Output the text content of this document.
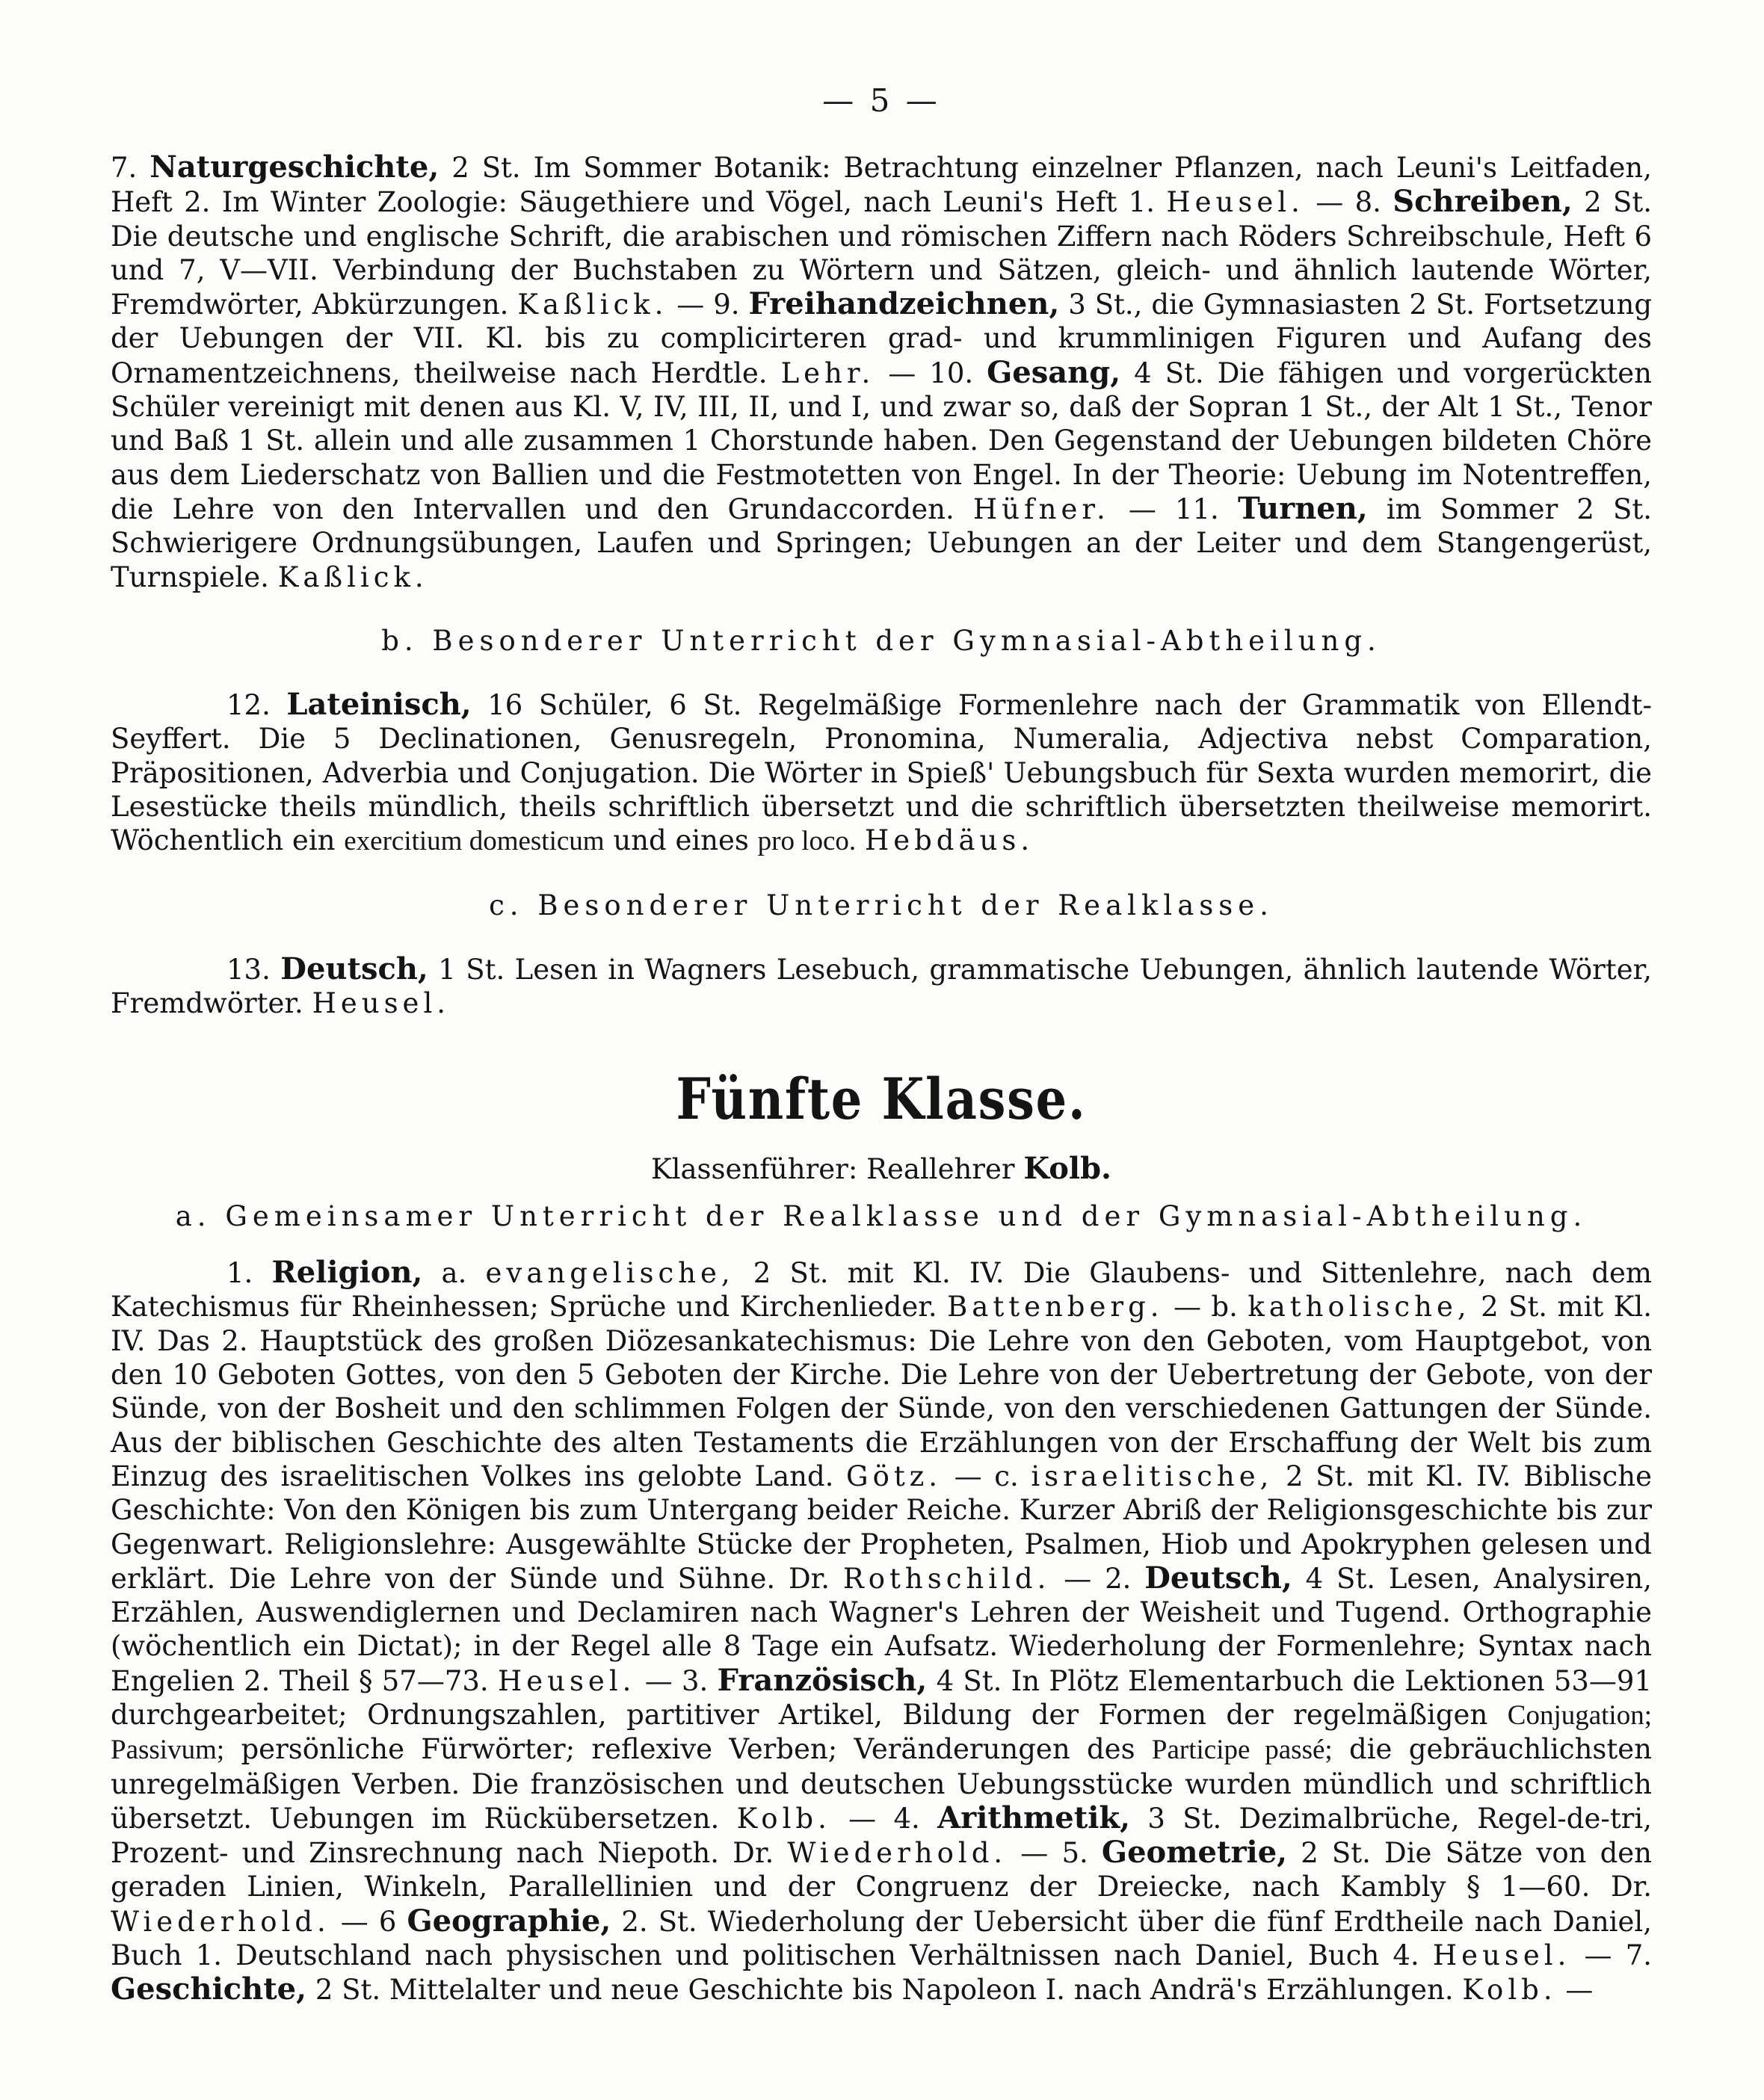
— 5 —

7. Naturgeschichte, 2 St. Im Sommer Botanik: Betrachtung einzelner Pflanzen, nach Leuni's Leitfaden, Heft 2. Im Winter Zoologie: Säugethiere und Vögel, nach Leuni's Heft 1. Heusel. — 8. Schreiben, 2 St. Die deutsche und englische Schrift, die arabischen und römischen Ziffern nach Röders Schreibschule, Heft 6 und 7, V—VII. Verbindung der Buchstaben zu Wörtern und Sätzen, gleich- und ähnlich lautende Wörter, Fremdwörter, Abkürzungen. Kaßlick. — 9. Freihandzeichnen, 3 St., die Gymnasiasten 2 St. Fortsetzung der Uebungen der VII. Kl. bis zu complicirteren grad- und krummlinigen Figuren und Aufang des Ornamentzeichnens, theilweise nach Herdtle. Lehr. — 10. Gesang, 4 St. Die fähigen und vorgerückten Schüler vereinigt mit denen aus Kl. V, IV, III, II, und I, und zwar so, daß der Sopran 1 St., der Alt 1 St., Tenor und Baß 1 St. allein und alle zusammen 1 Chorstunde haben. Den Gegenstand der Uebungen bildeten Chöre aus dem Liederschatz von Ballien und die Festmotetten von Engel. In der Theorie: Uebung im Notentreffen, die Lehre von den Intervallen und den Grundaccorden. Hüfner. — 11. Turnen, im Sommer 2 St. Schwierigere Ordnungsübungen, Laufen und Springen; Uebungen an der Leiter und dem Stangengerüst, Turnspiele. Kaßlick.

b. Besonderer Unterricht der Gymnasial-Abtheilung.

12. Lateinisch, 16 Schüler, 6 St. Regelmäßige Formenlehre nach der Grammatik von Ellendt-Seyffert. Die 5 Declinationen, Genusregeln, Pronomina, Numeralia, Adjectiva nebst Comparation, Präpositionen, Adverbia und Conjugation. Die Wörter in Spieß' Uebungsbuch für Sexta wurden memorirt, die Lesestücke theils mündlich, theils schriftlich übersetzt und die schriftlich übersetzten theilweise memorirt. Wöchentlich ein exercitium domesticum und eines pro loco. Hebdäus.

c. Besonderer Unterricht der Realklasse.

13. Deutsch, 1 St. Lesen in Wagners Lesebuch, grammatische Uebungen, ähnlich lautende Wörter, Fremdwörter. Heusel.

Fünfte Klasse.

Klassenführer: Reallehrer Kolb.

a. Gemeinsamer Unterricht der Realklasse und der Gymnasial-Abtheilung.

1. Religion, a. evangelische, 2 St. mit Kl. IV. Die Glaubens- und Sittenlehre, nach dem Katechismus für Rheinhessen; Sprüche und Kirchenlieder. Battenberg. — b. katholische, 2 St. mit Kl. IV. Das 2. Hauptstück des großen Diözesankatechismus: Die Lehre von den Geboten, vom Hauptgebot, von den 10 Geboten Gottes, von den 5 Geboten der Kirche. Die Lehre von der Uebertretung der Gebote, von der Sünde, von der Bosheit und den schlimmen Folgen der Sünde, von den verschiedenen Gattungen der Sünde. Aus der biblischen Geschichte des alten Testaments die Erzählungen von der Erschaffung der Welt bis zum Einzug des israelitischen Volkes ins gelobte Land. Götz. — c. israelitische, 2 St. mit Kl. IV. Biblische Geschichte: Von den Königen bis zum Untergang beider Reiche. Kurzer Abriß der Religionsgeschichte bis zur Gegenwart. Religionslehre: Ausgewählte Stücke der Propheten, Psalmen, Hiob und Apokryphen gelesen und erklärt. Die Lehre von der Sünde und Sühne. Dr. Rothschild. — 2. Deutsch, 4 St. Lesen, Analysiren, Erzählen, Auswendiglernen und Declamiren nach Wagner's Lehren der Weisheit und Tugend. Orthographie (wöchentlich ein Dictat); in der Regel alle 8 Tage ein Aufsatz. Wiederholung der Formenlehre; Syntax nach Engelien 2. Theil § 57—73. Heusel. — 3. Französisch, 4 St. In Plötz Elementarbuch die Lektionen 53—91 durchgearbeitet; Ordnungszahlen, partitiver Artikel, Bildung der Formen der regelmäßigen Conjugation; Passivum; persönliche Fürwörter; reflexive Verben; Veränderungen des Participe passé; die gebräuchlichsten unregelmäßigen Verben. Die französischen und deutschen Uebungsstücke wurden mündlich und schriftlich übersetzt. Uebungen im Rückübersetzen. Kolb. — 4. Arithmetik, 3 St. Dezimalbrüche, Regel-de-tri, Prozent- und Zinsrechnung nach Niepoth. Dr. Wiederhold. — 5. Geometrie, 2 St. Die Sätze von den geraden Linien, Winkeln, Parallellinien und der Congruenz der Dreiecke, nach Kambly § 1—60. Dr. Wiederhold. — 6 Geographie, 2. St. Wiederholung der Uebersicht über die fünf Erdtheile nach Daniel, Buch 1. Deutschland nach physischen und politischen Verhältnissen nach Daniel, Buch 4. Heusel. — 7. Geschichte, 2 St. Mittelalter und neue Geschichte bis Napoleon I. nach Andrä's Erzählungen. Kolb. —
